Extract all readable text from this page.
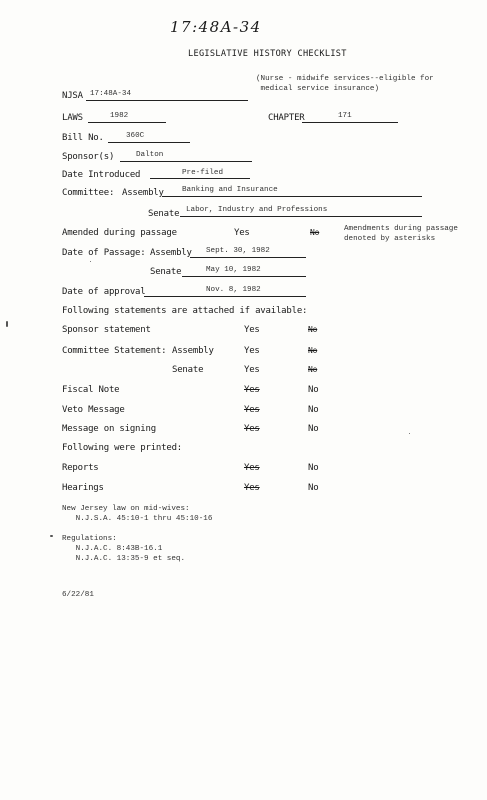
17:48A-34
LEGISLATIVE HISTORY CHECKLIST
(Nurse - midwife services--eligible for
medical service insurance)
NJSA 17:48A-34
LAWS	1982	CHAPTER	171
Bill No.	360C
Sponsor(s)	Dalton
Date Introduced	Pre-filed
Committee: Assembly Banking and Insurance
Senate Labor, Industry and Professions
Amended during passage	Yes	No	Amendments during passage
denoted by asterisks
Date of Passage: Assembly Sept. 30, 1982
Senate	May 10, 1982
Date of approval	Nov. 8, 1982
Following statements are attached if available:
Sponsor statement	Yes	No
Committee Statement: Assembly	Yes	No
Senate	Yes	No
Fiscal Note	Yes	No
Veto Message	Yes	No
Message on signing	Yes	No
Following were printed:
Reports	Yes	No
Hearings	Yes	No
New Jersey law on mid-wives:
N.J.S.A. 45:10-1 thru 45:10-16
Regulations:
N.J.A.C. 8:43B-16.1
N.J.A.C. 13:35-9 et seq.
6/22/81
